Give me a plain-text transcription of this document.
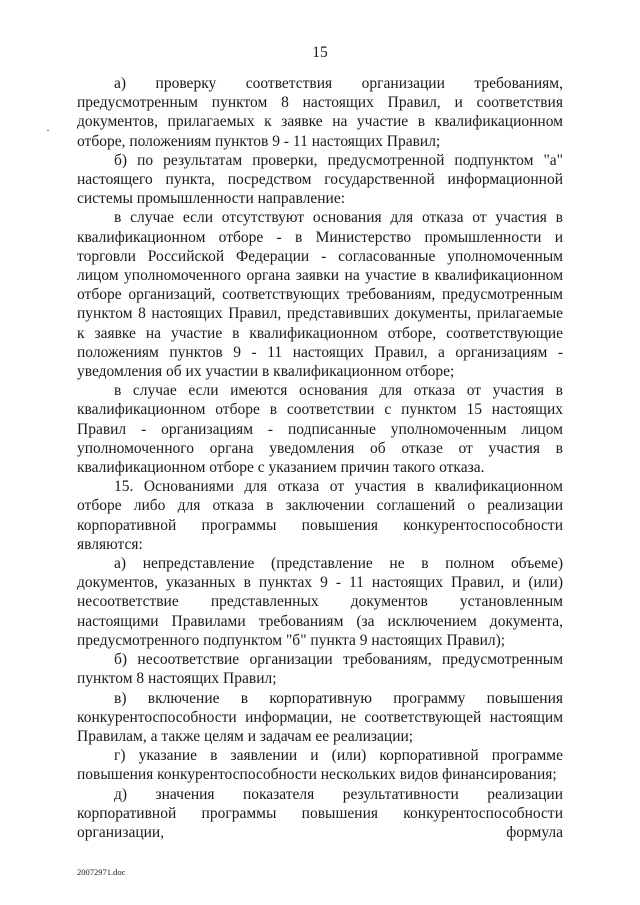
15

а) проверку соответствия организации требованиям, предусмотренным пунктом 8 настоящих Правил, и соответствия документов, прилагаемых к заявке на участие в квалификационном отборе, положениям пунктов 9 - 11 настоящих Правил;

б) по результатам проверки, предусмотренной подпунктом "а" настоящего пункта, посредством государственной информационной системы промышленности направление:

в случае если отсутствуют основания для отказа от участия в квалификационном отборе - в Министерство промышленности и торговли Российской Федерации - согласованные уполномоченным лицом уполномоченного органа заявки на участие в квалификационном отборе организаций, соответствующих требованиям, предусмотренным пунктом 8 настоящих Правил, представивших документы, прилагаемые к заявке на участие в квалификационном отборе, соответствующие положениям пунктов 9 - 11 настоящих Правил, а организациям - уведомления об их участии в квалификационном отборе;

в случае если имеются основания для отказа от участия в квалификационном отборе в соответствии с пунктом 15 настоящих Правил - организациям - подписанные уполномоченным лицом уполномоченного органа уведомления об отказе от участия в квалификационном отборе с указанием причин такого отказа.

15. Основаниями для отказа от участия в квалификационном отборе либо для отказа в заключении соглашений о реализации корпоративной программы повышения конкурентоспособности являются:

а) непредставление (представление не в полном объеме) документов, указанных в пунктах 9 - 11 настоящих Правил, и (или) несоответствие представленных документов установленным настоящими Правилами требованиям (за исключением документа, предусмотренного подпунктом "б" пункта 9 настоящих Правил);

б) несоответствие организации требованиям, предусмотренным пунктом 8 настоящих Правил;

в) включение в корпоративную программу повышения конкурентоспособности информации, не соответствующей настоящим Правилам, а также целям и задачам ее реализации;

г) указание в заявлении и (или) корпоративной программе повышения конкурентоспособности нескольких видов финансирования;

д) значения показателя результативности реализации корпоративной программы повышения конкурентоспособности организации, формула

20072971.doc
